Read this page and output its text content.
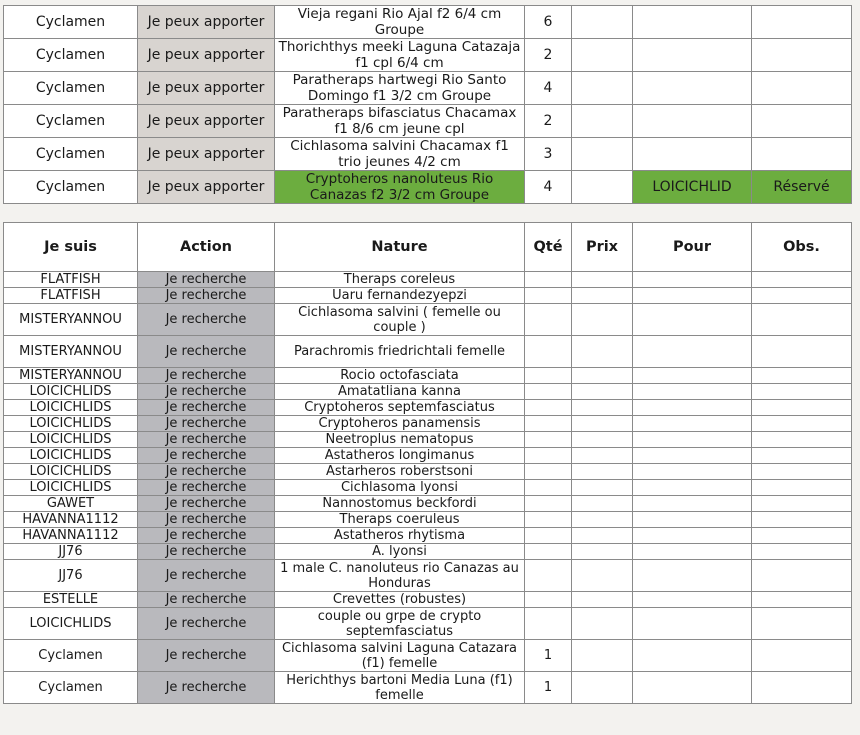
Cyclamen	Je peux apporter	Vieja regani Rio Ajal f2 6/4 cm Groupe	6			
Cyclamen	Je peux apporter	Thorichthys meeki Laguna Catazaja f1 cpl 6/4 cm	2			
Cyclamen	Je peux apporter	Paratheraps hartwegi Rio Santo Domingo f1 3/2 cm Groupe	4			
Cyclamen	Je peux apporter	Paratheraps bifasciatus Chacamax f1 8/6 cm jeune cpl	2			
Cyclamen	Je peux apporter	Cichlasoma salvini Chacamax f1 trio jeunes 4/2 cm	3			
Cyclamen	Je peux apporter	Cryptoheros nanoluteus Rio Canazas f2 3/2 cm Groupe	4		LOICICHLID	Réservé
Je suis	Action	Nature	Qté	Prix	Pour	Obs.
FLATFISH	Je recherche	Theraps coreleus				
FLATFISH	Je recherche	Uaru fernandezyepzi				
MISTERYANNOU	Je recherche	Cichlasoma salvini ( femelle ou couple )				
MISTERYANNOU	Je recherche	Parachromis friedrichtali femelle				
MISTERYANNOU	Je recherche	Rocio octofasciata				
LOICICHLIDS	Je recherche	Amatatliana kanna				
LOICICHLIDS	Je recherche	Cryptoheros septemfasciatus				
LOICICHLIDS	Je recherche	Cryptoheros panamensis				
LOICICHLIDS	Je recherche	Neetroplus nematopus				
LOICICHLIDS	Je recherche	Astatheros longimanus				
LOICICHLIDS	Je recherche	Astarheros roberstsoni				
LOICICHLIDS	Je recherche	Cichlasoma lyonsi				
GAWET	Je recherche	Nannostomus beckfordi				
HAVANNA1112	Je recherche	Theraps coeruleus				
HAVANNA1112	Je recherche	Astatheros rhytisma				
JJ76	Je recherche	A. lyonsi				
JJ76	Je recherche	1 male C. nanoluteus rio Canazas au Honduras				
ESTELLE	Je recherche	Crevettes (robustes)				
LOICICHLIDS	Je recherche	couple ou grpe de crypto septemfasciatus				
Cyclamen	Je recherche	Cichlasoma salvini Laguna Catazara (f1) femelle	1			
Cyclamen	Je recherche	Herichthys bartoni Media Luna (f1) femelle	1			
